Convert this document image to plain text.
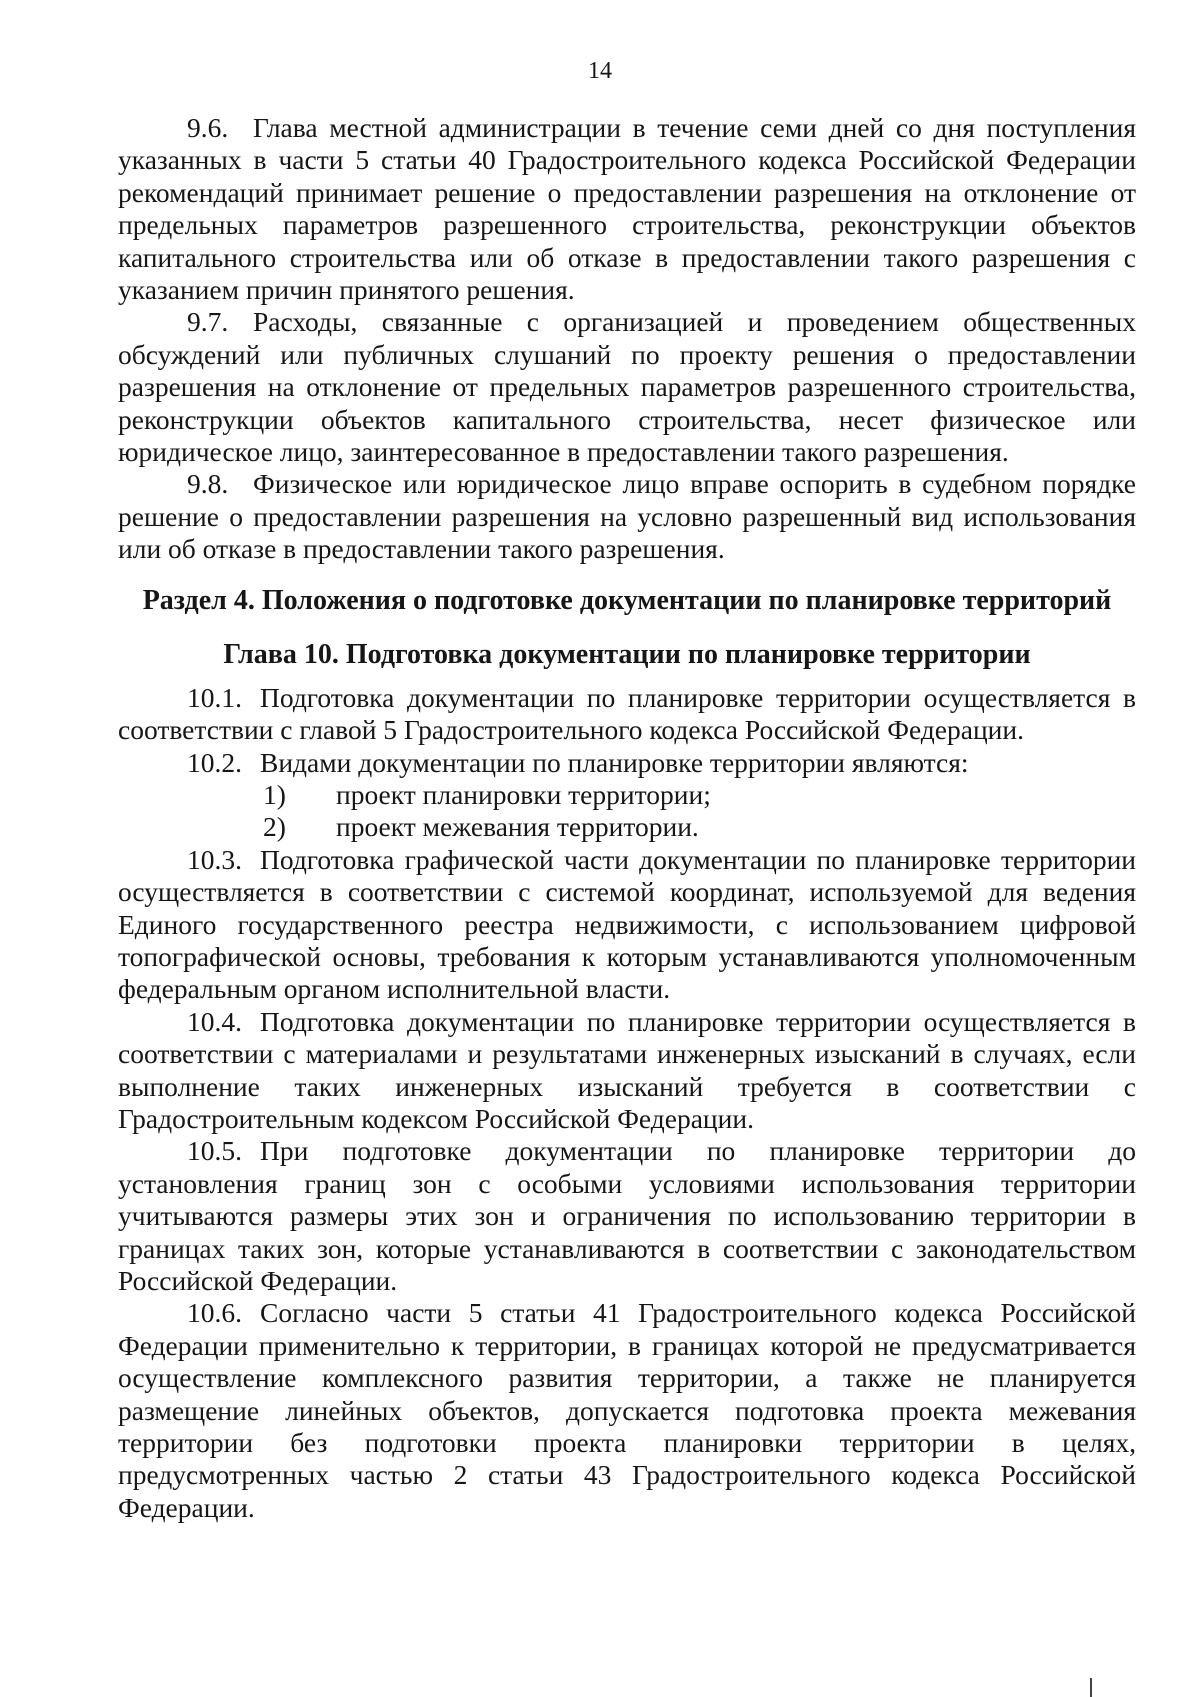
14

9.6. Глава местной администрации в течение семи дней со дня поступления указанных в части 5 статьи 40 Градостроительного кодекса Российской Федерации рекомендаций принимает решение о предоставлении разрешения на отклонение от предельных параметров разрешенного строительства, реконструкции объектов капитального строительства или об отказе в предоставлении такого разрешения с указанием причин принятого решения.

9.7. Расходы, связанные с организацией и проведением общественных обсуждений или публичных слушаний по проекту решения о предоставлении разрешения на отклонение от предельных параметров разрешенного строительства, реконструкции объектов капитального строительства, несет физическое или юридическое лицо, заинтересованное в предоставлении такого разрешения.

9.8. Физическое или юридическое лицо вправе оспорить в судебном порядке решение о предоставлении разрешения на условно разрешенный вид использования или об отказе в предоставлении такого разрешения.

Раздел 4. Положения о подготовке документации по планировке территорий
Глава 10. Подготовка документации по планировке территории

10.1. Подготовка документации по планировке территории осуществляется в соответствии с главой 5 Градостроительного кодекса Российской Федерации.

10.2. Видами документации по планировке территории являются:

1) проект планировки территории;

2) проект межевания территории.

10.3. Подготовка графической части документации по планировке территории осуществляется в соответствии с системой координат, используемой для ведения Единого государственного реестра недвижимости, с использованием цифровой топографической основы, требования к которым устанавливаются уполномоченным федеральным органом исполнительной власти.

10.4. Подготовка документации по планировке территории осуществляется в соответствии с материалами и результатами инженерных изысканий в случаях, если выполнение таких инженерных изысканий требуется в соответствии с Градостроительным кодексом Российской Федерации.

10.5. При подготовке документации по планировке территории до установления границ зон с особыми условиями использования территории учитываются размеры этих зон и ограничения по использованию территории в границах таких зон, которые устанавливаются в соответствии с законодательством Российской Федерации.

10.6. Согласно части 5 статьи 41 Градостроительного кодекса Российской Федерации применительно к территории, в границах которой не предусматривается осуществление комплексного развития территории, а также не планируется размещение линейных объектов, допускается подготовка проекта межевания территории без подготовки проекта планировки территории в целях, предусмотренных частью 2 статьи 43 Градостроительного кодекса Российской Федерации.
